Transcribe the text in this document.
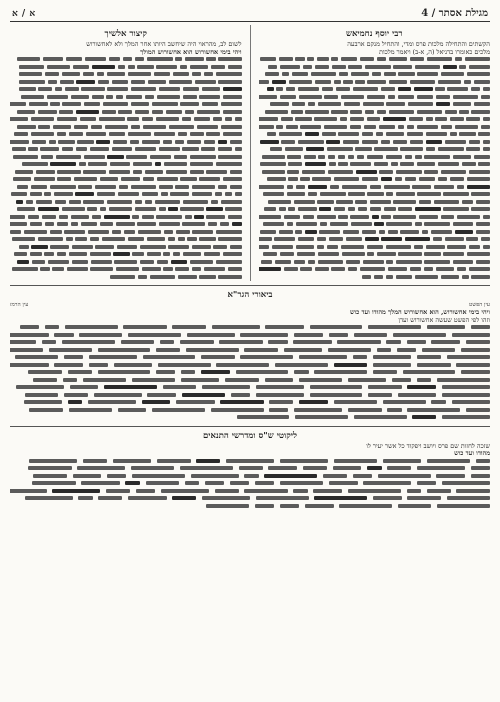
א / א	4 / מגילת אסתר
רבי יוסף נחמיאש
הקשתים והתחילה מלכות פרס ומדי, והתחיל מנקם ארבעה
מלכים כאומרו בדניאל (ה, א-ב) ויאמר מלכות
קיצור אלשיך
לשום לב, מהראוי היה שיחשב היותו אחר המלך ולא לאחשורוש
ויהי בימי אחשורוש הוא אחשורוש המולך
ביאורי הגר"א
עין הפשט
עין הרמז
ויהי בימי אחשורוש, הוא אחשורוש המלך מהודו ועד כוש
וזהו לפי הפשט שעשה אחשורוש ועדן
ליקוטי ש"ס ומדרשי התנאים
שזכה לחזות שם פרס ויושב ויפקוד כל אשר יעיר לו
מהודו ועד כוש
